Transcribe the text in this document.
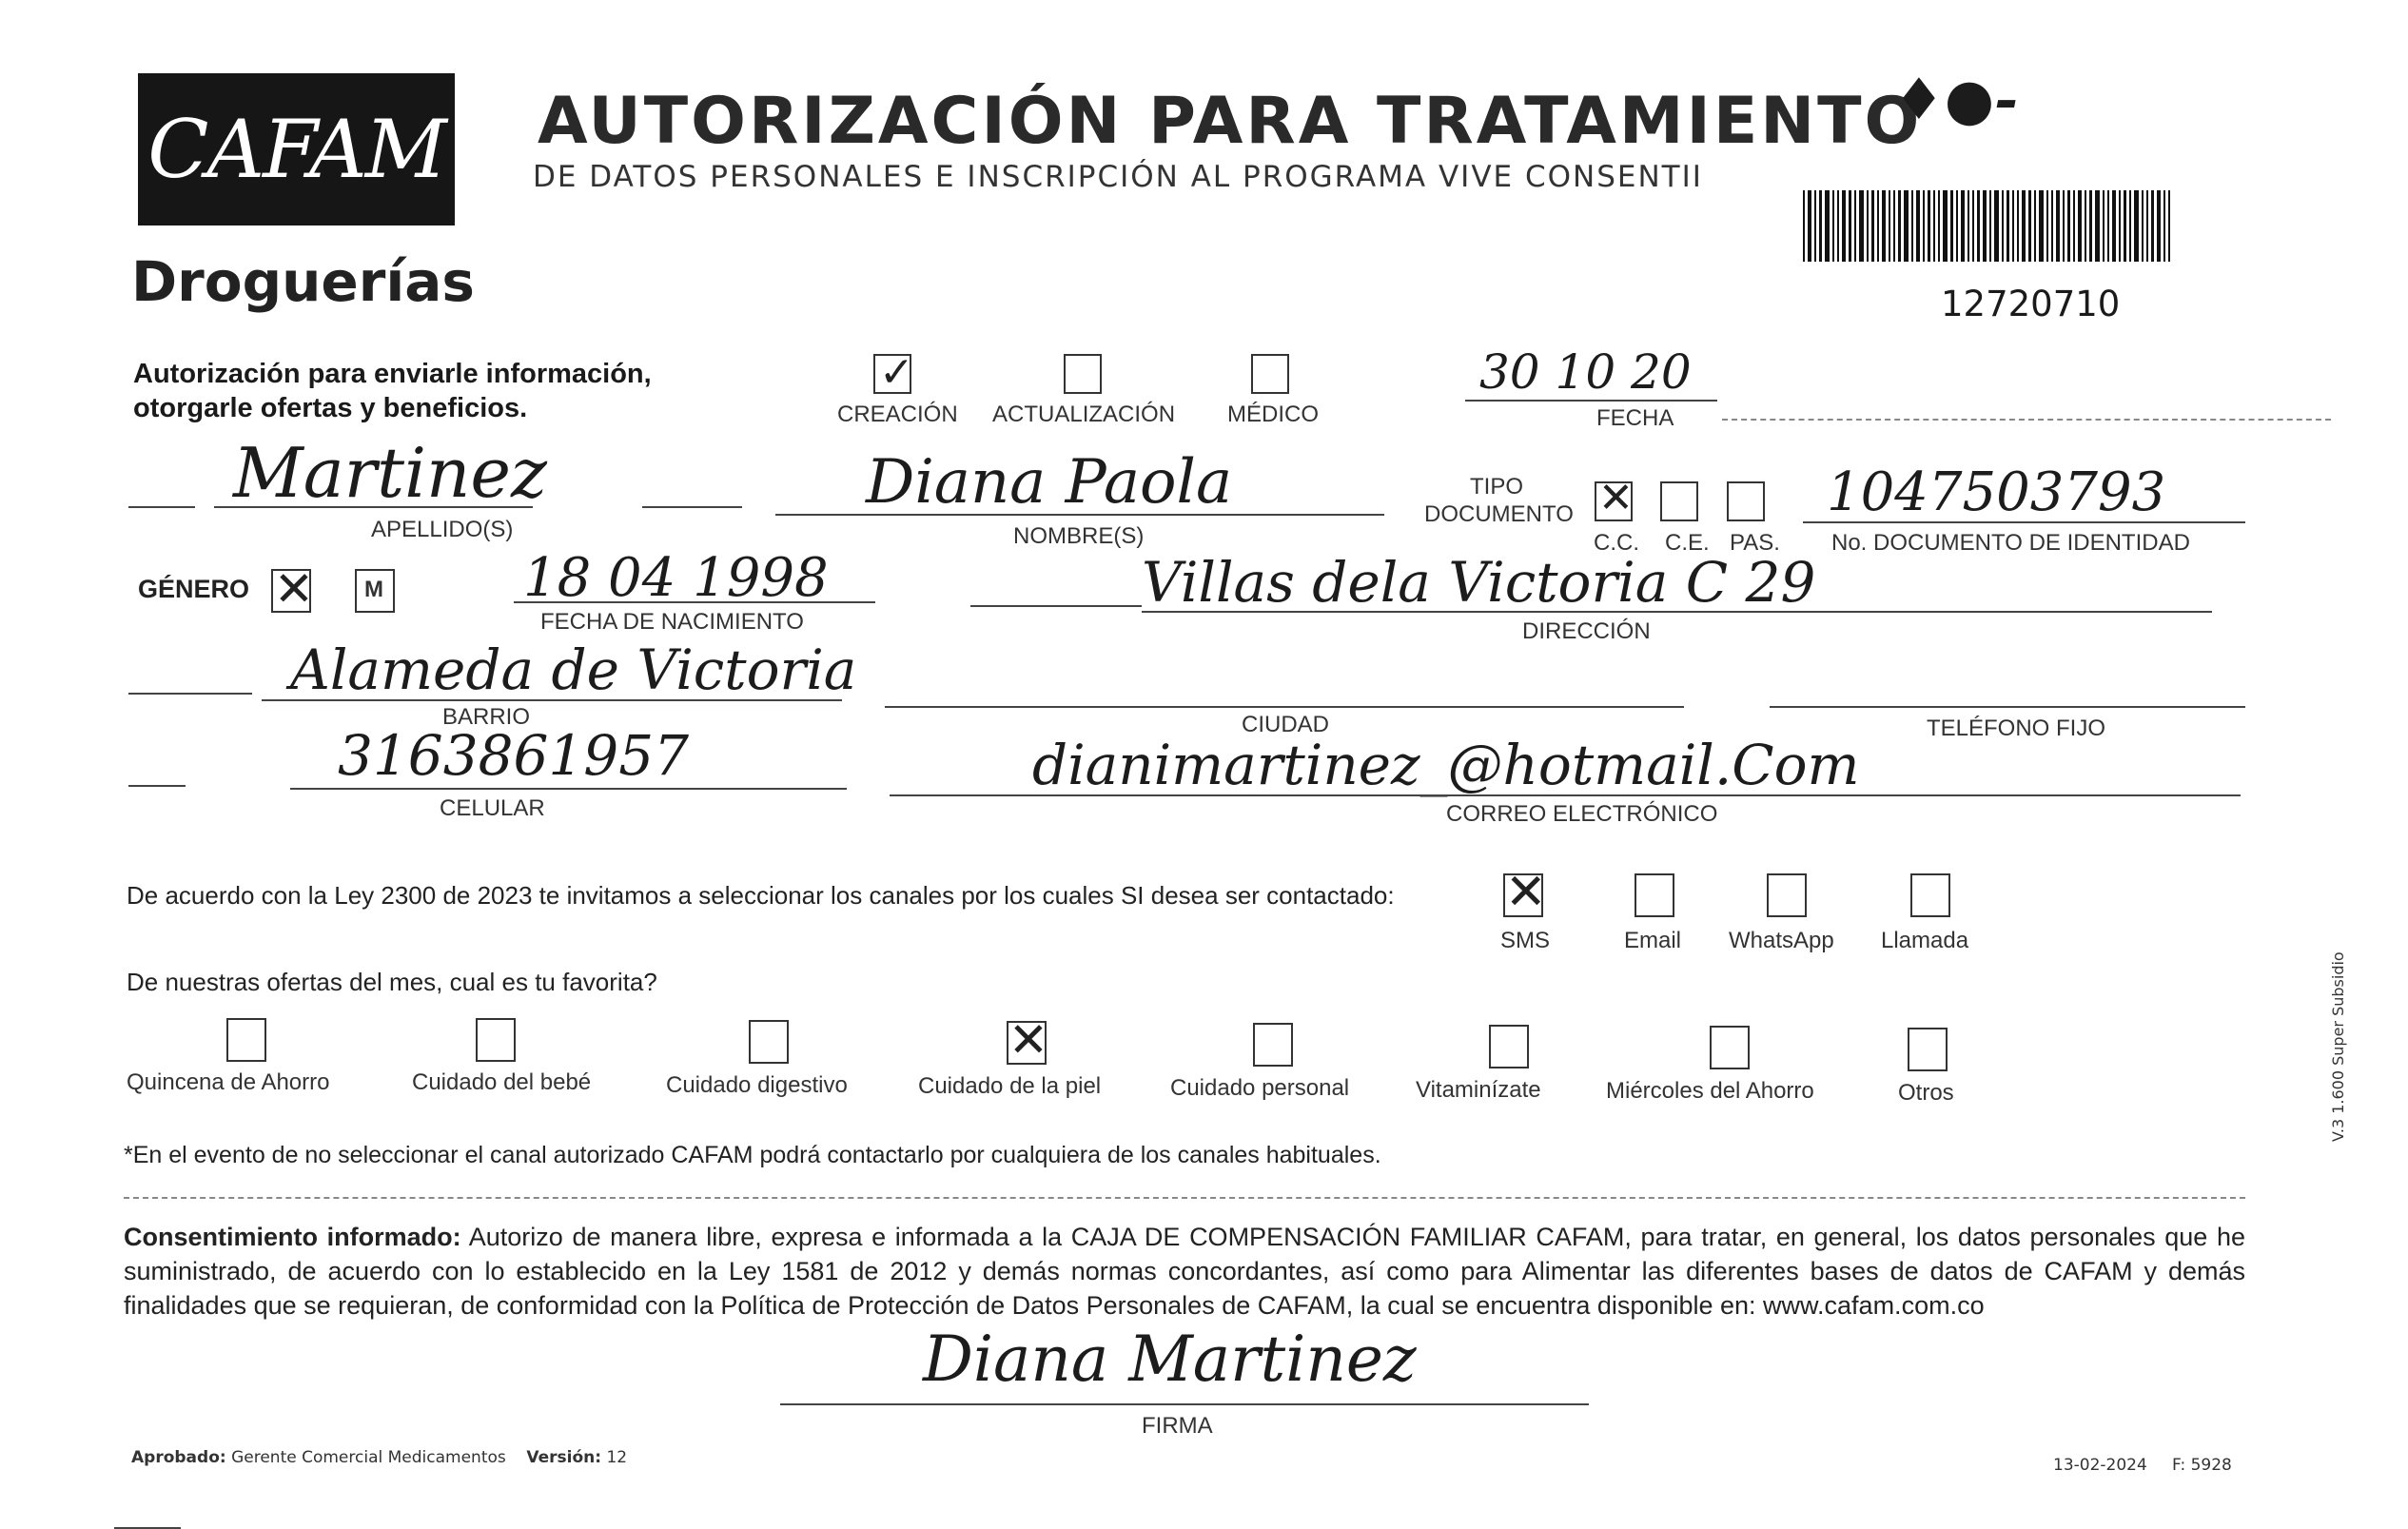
CAFAM
Droguerías
AUTORIZACIÓN PARA TRATAMIENTO
DE DATOS PERSONALES E INSCRIPCIÓN AL PROGRAMA VIVE CONSENTII
♦●-
12720710
Autorización para enviarle información,
otorgarle ofertas y beneficios.
✓
CREACIÓN ACTUALIZACIÓN MÉDICO
30 10 20
FECHA
Martinez
APELLIDO(S)
Diana Paola
NOMBRE(S)
TIPO
DOCUMENTO ✕
C.C. C.E. PAS.
1047503793
No. DOCUMENTO DE IDENTIDAD
GÉNERO ✕ M	18 04 1998
FECHA DE NACIMIENTO
Villas dela Victoria C 29
DIRECCIÓN
Alameda de Victoria
BARRIO	CIUDAD	TELÉFONO FIJO
3163861957
CELULAR
dianimartinez_@hotmail.Com
CORREO ELECTRÓNICO
De acuerdo con la Ley 2300 de 2023 te invitamos a seleccionar los canales por los cuales SI desea ser contactado: ✕
SMS	Email WhatsApp Llamada
De nuestras ofertas del mes, cual es tu favorita?
Quincena de Ahorro	Cuidado del bebé	Cuidado digestivo
✕
Cuidado de la piel	Cuidado personal	Vitaminízate	Miércoles del Ahorro	Otros
*En el evento de no seleccionar el canal autorizado CAFAM podrá contactarlo por cualquiera de los canales habituales.
Consentimiento informado: Autorizo de manera libre, expresa e informada a la CAJA DE COMPENSACIÓN FAMILIAR CAFAM, para tratar, en general, los datos personales que he suministrado, de acuerdo con lo establecido en la Ley 1581 de 2012 y demás normas concordantes, así como para Alimentar las diferentes bases de datos de CAFAM y demás finalidades que se requieran, de conformidad con la Política de Protección de Datos Personales de CAFAM, la cual se encuentra disponible en: www.cafam.com.co
Diana Martinez
FIRMA
Aprobado: Gerente Comercial Medicamentos Versión: 12	13-02-2024 F: 5928
V.3 1.600 Super Subsidio
